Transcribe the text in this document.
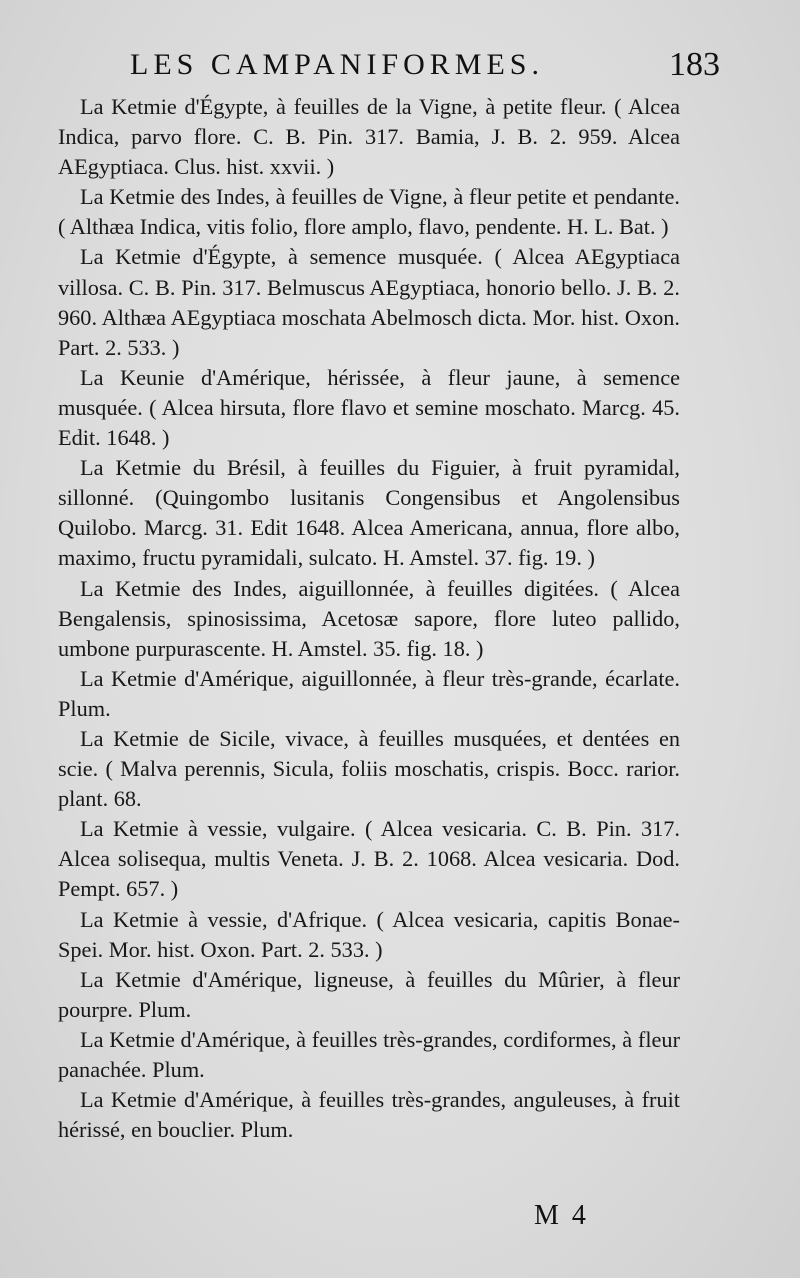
LES CAMPANIFORMES.	183

La Ketmie d'Égypte, à feuilles de la Vigne, à petite fleur. ( Alcea Indica, parvo flore. C. B. Pin. 317. Bamia, J. B. 2. 959. Alcea AEgyptiaca. Clus. hist. xxvii. )

La Ketmie des Indes, à feuilles de Vigne, à fleur petite et pendante. ( Althæa Indica, vitis folio, flore amplo, flavo, pendente. H. L. Bat. )

La Ketmie d'Égypte, à semence musquée. ( Alcea AEgyptiaca villosa. C. B. Pin. 317. Belmuscus AEgyptiaca, honorio bello. J. B. 2. 960. Althæa AEgyptiaca moschata Abelmosch dicta. Mor. hist. Oxon. Part. 2. 533. )

La Keunie d'Amérique, hérissée, à fleur jaune, à semence musquée. ( Alcea hirsuta, flore flavo et semine moschato. Marcg. 45. Edit. 1648. )

La Ketmie du Brésil, à feuilles du Figuier, à fruit pyramidal, sillonné. (Quingombo lusitanis Congensibus et Angolensibus Quilobo. Marcg. 31. Edit 1648. Alcea Americana, annua, flore albo, maximo, fructu pyramidali, sulcato. H. Amstel. 37. fig. 19. )

La Ketmie des Indes, aiguillonnée, à feuilles digitées. ( Alcea Bengalensis, spinosissima, Acetosæ sapore, flore luteo pallido, umbone purpurascente. H. Amstel. 35. fig. 18. )

La Ketmie d'Amérique, aiguillonnée, à fleur très-grande, écarlate. Plum.

La Ketmie de Sicile, vivace, à feuilles musquées, et dentées en scie. ( Malva perennis, Sicula, foliis moschatis, crispis. Bocc. rarior. plant. 68.

La Ketmie à vessie, vulgaire. ( Alcea vesicaria. C. B. Pin. 317. Alcea solisequa, multis Veneta. J. B. 2. 1068. Alcea vesicaria. Dod. Pempt. 657. )

La Ketmie à vessie, d'Afrique. ( Alcea vesicaria, capitis Bonae-Spei. Mor. hist. Oxon. Part. 2. 533. )

La Ketmie d'Amérique, ligneuse, à feuilles du Mûrier, à fleur pourpre. Plum.

La Ketmie d'Amérique, à feuilles très-grandes, cordiformes, à fleur panachée. Plum.

La Ketmie d'Amérique, à feuilles très-grandes, anguleuses, à fruit hérissé, en bouclier. Plum.

M 4
